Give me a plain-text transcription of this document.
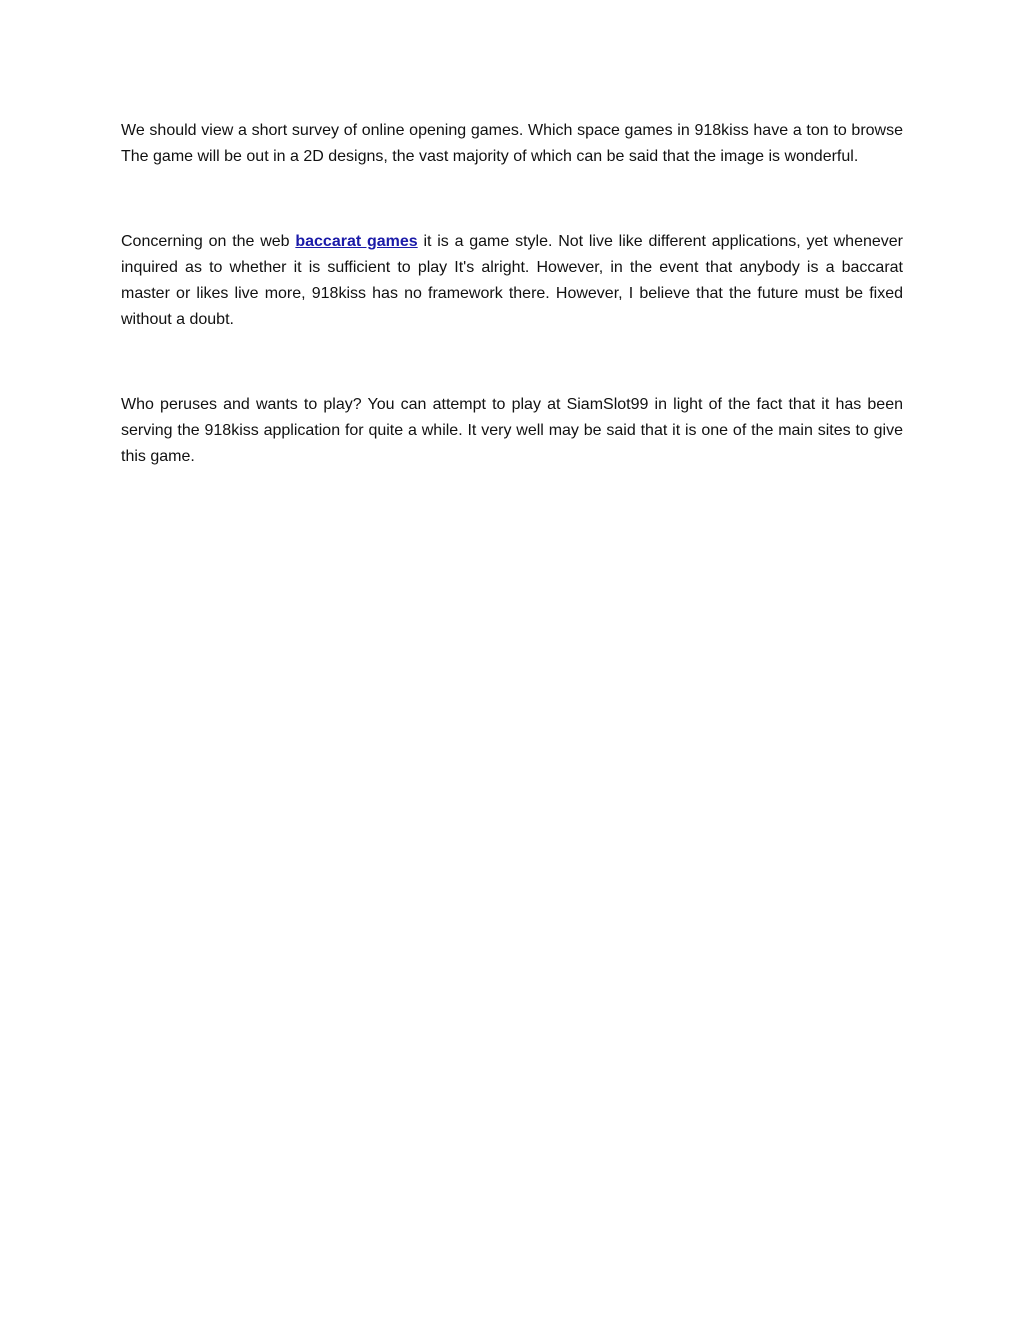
We should view a short survey of online opening games. Which space games in 918kiss have a ton to browse The game will be out in a 2D designs, the vast majority of which can be said that the image is wonderful.

Concerning on the web baccarat games it is a game style. Not live like different applications, yet whenever inquired as to whether it is sufficient to play It's alright. However, in the event that anybody is a baccarat master or likes live more, 918kiss has no framework there. However, I believe that the future must be fixed without a doubt.

Who peruses and wants to play? You can attempt to play at SiamSlot99 in light of the fact that it has been serving the 918kiss application for quite a while. It very well may be said that it is one of the main sites to give this game.
